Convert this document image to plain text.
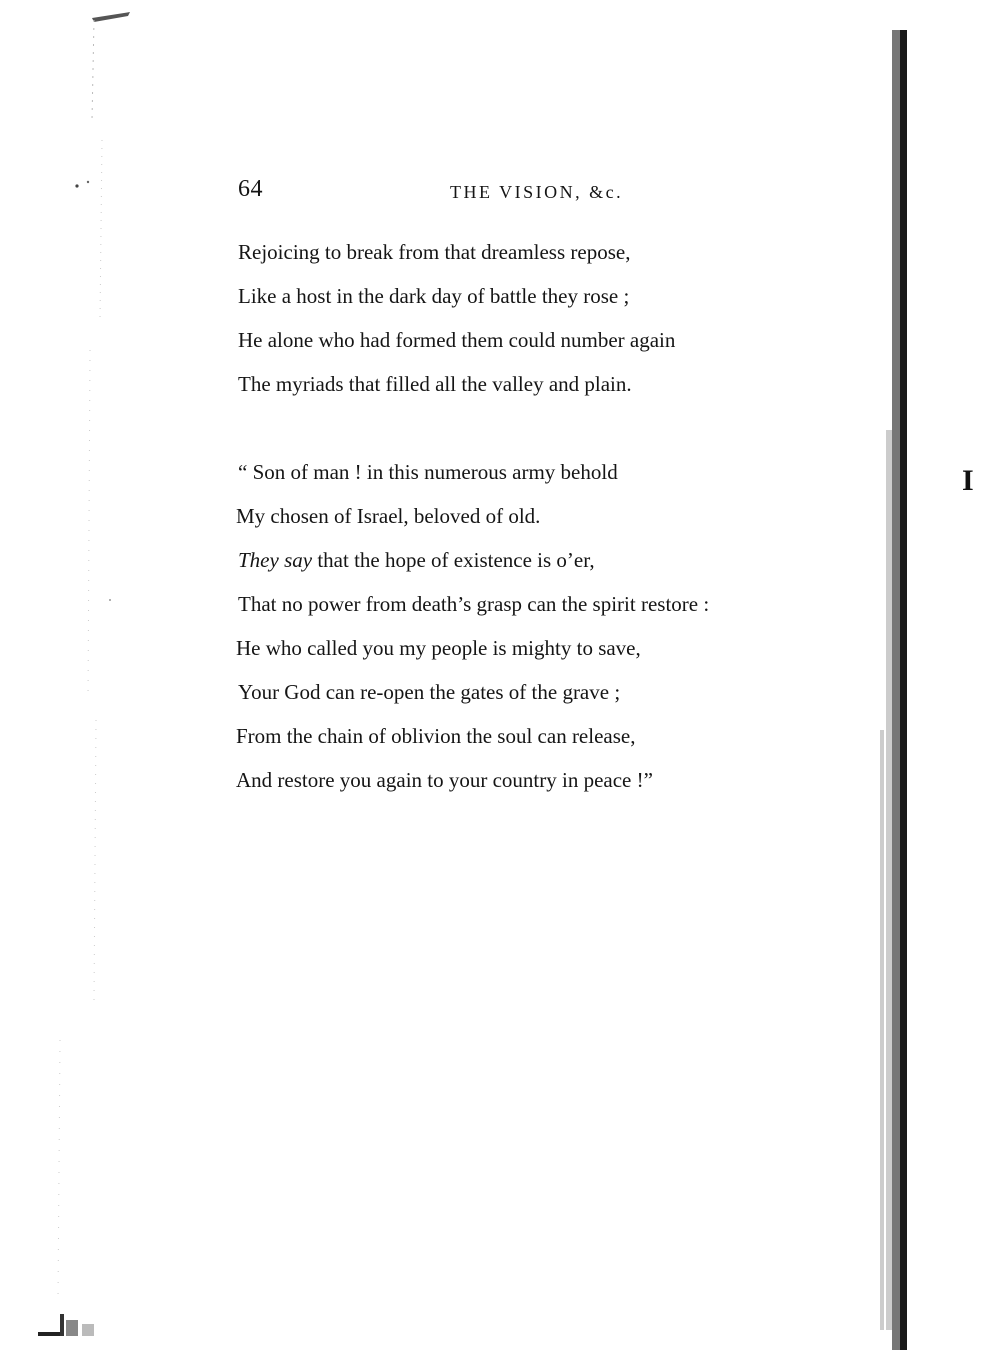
I
64	THE VISION, &c.
Rejoicing to break from that dreamless repose,
Like a host in the dark day of battle they rose ;
He alone who had formed them could number again
The myriads that filled all the valley and plain.
“ Son of man ! in this numerous army behold
My chosen of Israel, beloved of old.
They say that the hope of existence is o’er,
That no power from death’s grasp can the spirit restore :
He who called you my people is mighty to save,
Your God can re-open the gates of the grave ;
From the chain of oblivion the soul can release,
And restore you again to your country in peace !”
